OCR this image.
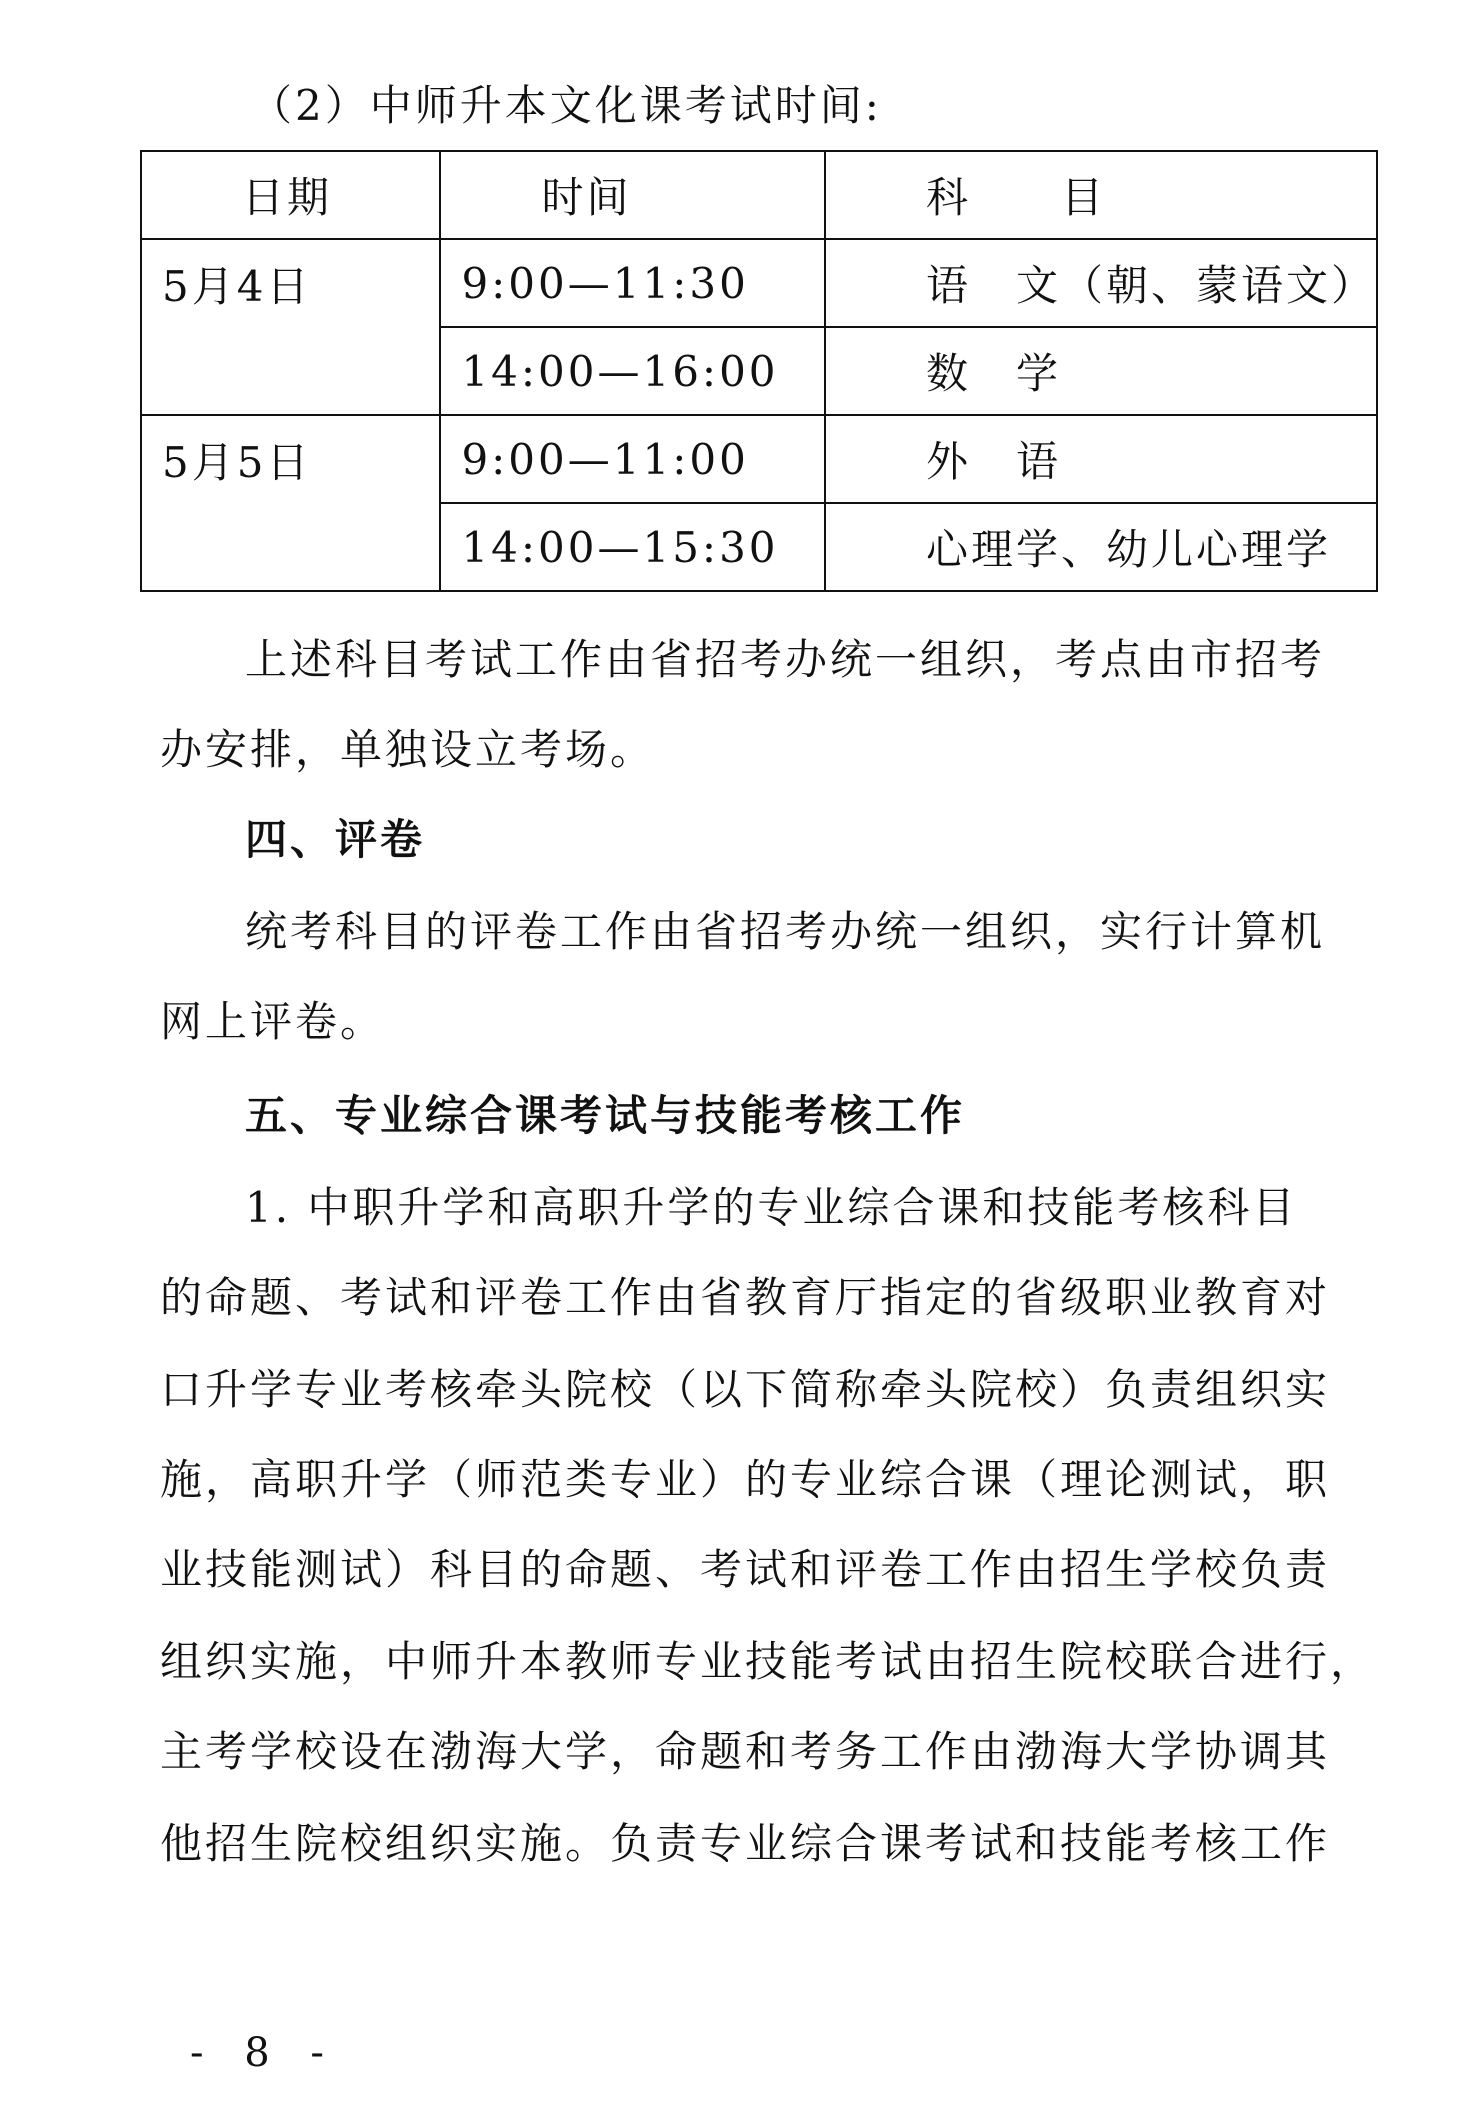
（2）中师升本文化课考试时间:
日期	时间	科　　目
5月4日	9:00—11:30	语　文（朝、蒙语文）
	14:00—16:00	数　学
5月5日	9:00—11:00	外　语
	14:00—15:30	心理学、幼儿心理学
上述科目考试工作由省招考办统一组织，考点由市招考
办安排，单独设立考场。
四、评卷
统考科目的评卷工作由省招考办统一组织，实行计算机
网上评卷。
五、专业综合课考试与技能考核工作
1. 中职升学和高职升学的专业综合课和技能考核科目
的命题、考试和评卷工作由省教育厅指定的省级职业教育对
口升学专业考核牵头院校（以下简称牵头院校）负责组织实
施，高职升学（师范类专业）的专业综合课（理论测试，职
业技能测试）科目的命题、考试和评卷工作由招生学校负责
组织实施，中师升本教师专业技能考试由招生院校联合进行，
主考学校设在渤海大学，命题和考务工作由渤海大学协调其
他招生院校组织实施。负责专业综合课考试和技能考核工作
- 8 -
